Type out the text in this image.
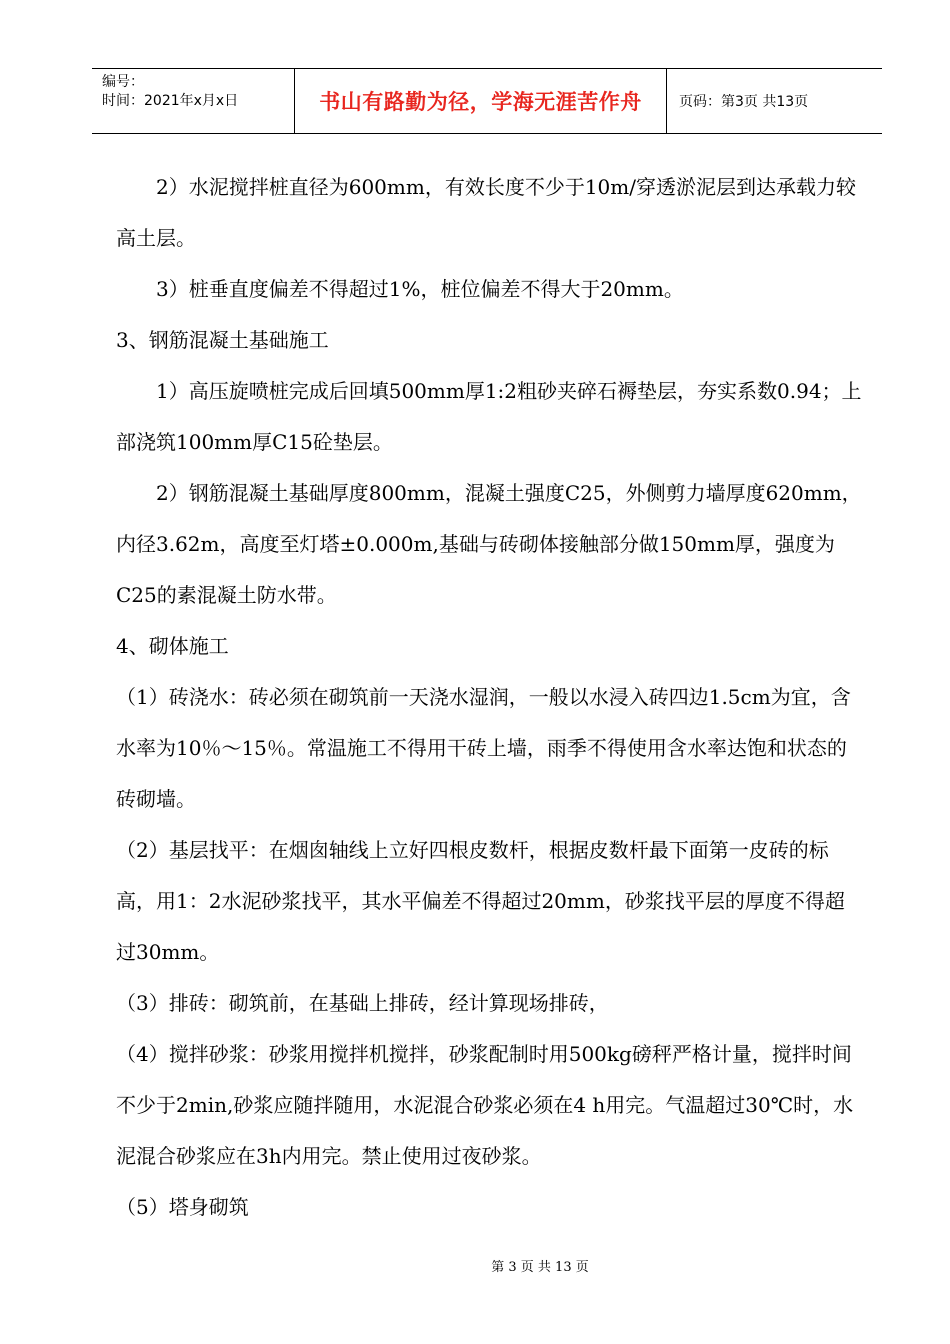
编号：
时间：2021年x月x日	书山有路勤为径，学海无涯苦作舟	页码：第3页 共13页

2）水泥搅拌桩直径为600mm，有效长度不少于10m/穿透淤泥层到达承载力较高土层。

3）桩垂直度偏差不得超过1%，桩位偏差不得大于20mm。

3、钢筋混凝土基础施工

1）高压旋喷桩完成后回填500mm厚1:2粗砂夹碎石褥垫层，夯实系数0.94；上部浇筑100mm厚C15砼垫层。

2）钢筋混凝土基础厚度800mm，混凝土强度C25，外侧剪力墙厚度620mm，内径3.62m，高度至灯塔±0.000m,基础与砖砌体接触部分做150mm厚，强度为C25的素混凝土防水带。

4、砌体施工

（1）砖浇水：砖必须在砌筑前一天浇水湿润，一般以水浸入砖四边1.5cm为宜，含水率为10％～15％。常温施工不得用干砖上墙，雨季不得使用含水率达饱和状态的砖砌墙。

（2）基层找平：在烟囱轴线上立好四根皮数杆，根据皮数杆最下面第一皮砖的标高，用1：2水泥砂浆找平，其水平偏差不得超过20mm，砂浆找平层的厚度不得超过30mm。

（3）排砖：砌筑前，在基础上排砖，经计算现场排砖，

（4）搅拌砂浆：砂浆用搅拌机搅拌，砂浆配制时用500kg磅秤严格计量，搅拌时间不少于2min,砂浆应随拌随用，水泥混合砂浆必须在4 h用完。气温超过30℃时，水泥混合砂浆应在3h内用完。禁止使用过夜砂浆。

（5）塔身砌筑

第 3 页 共 13 页
